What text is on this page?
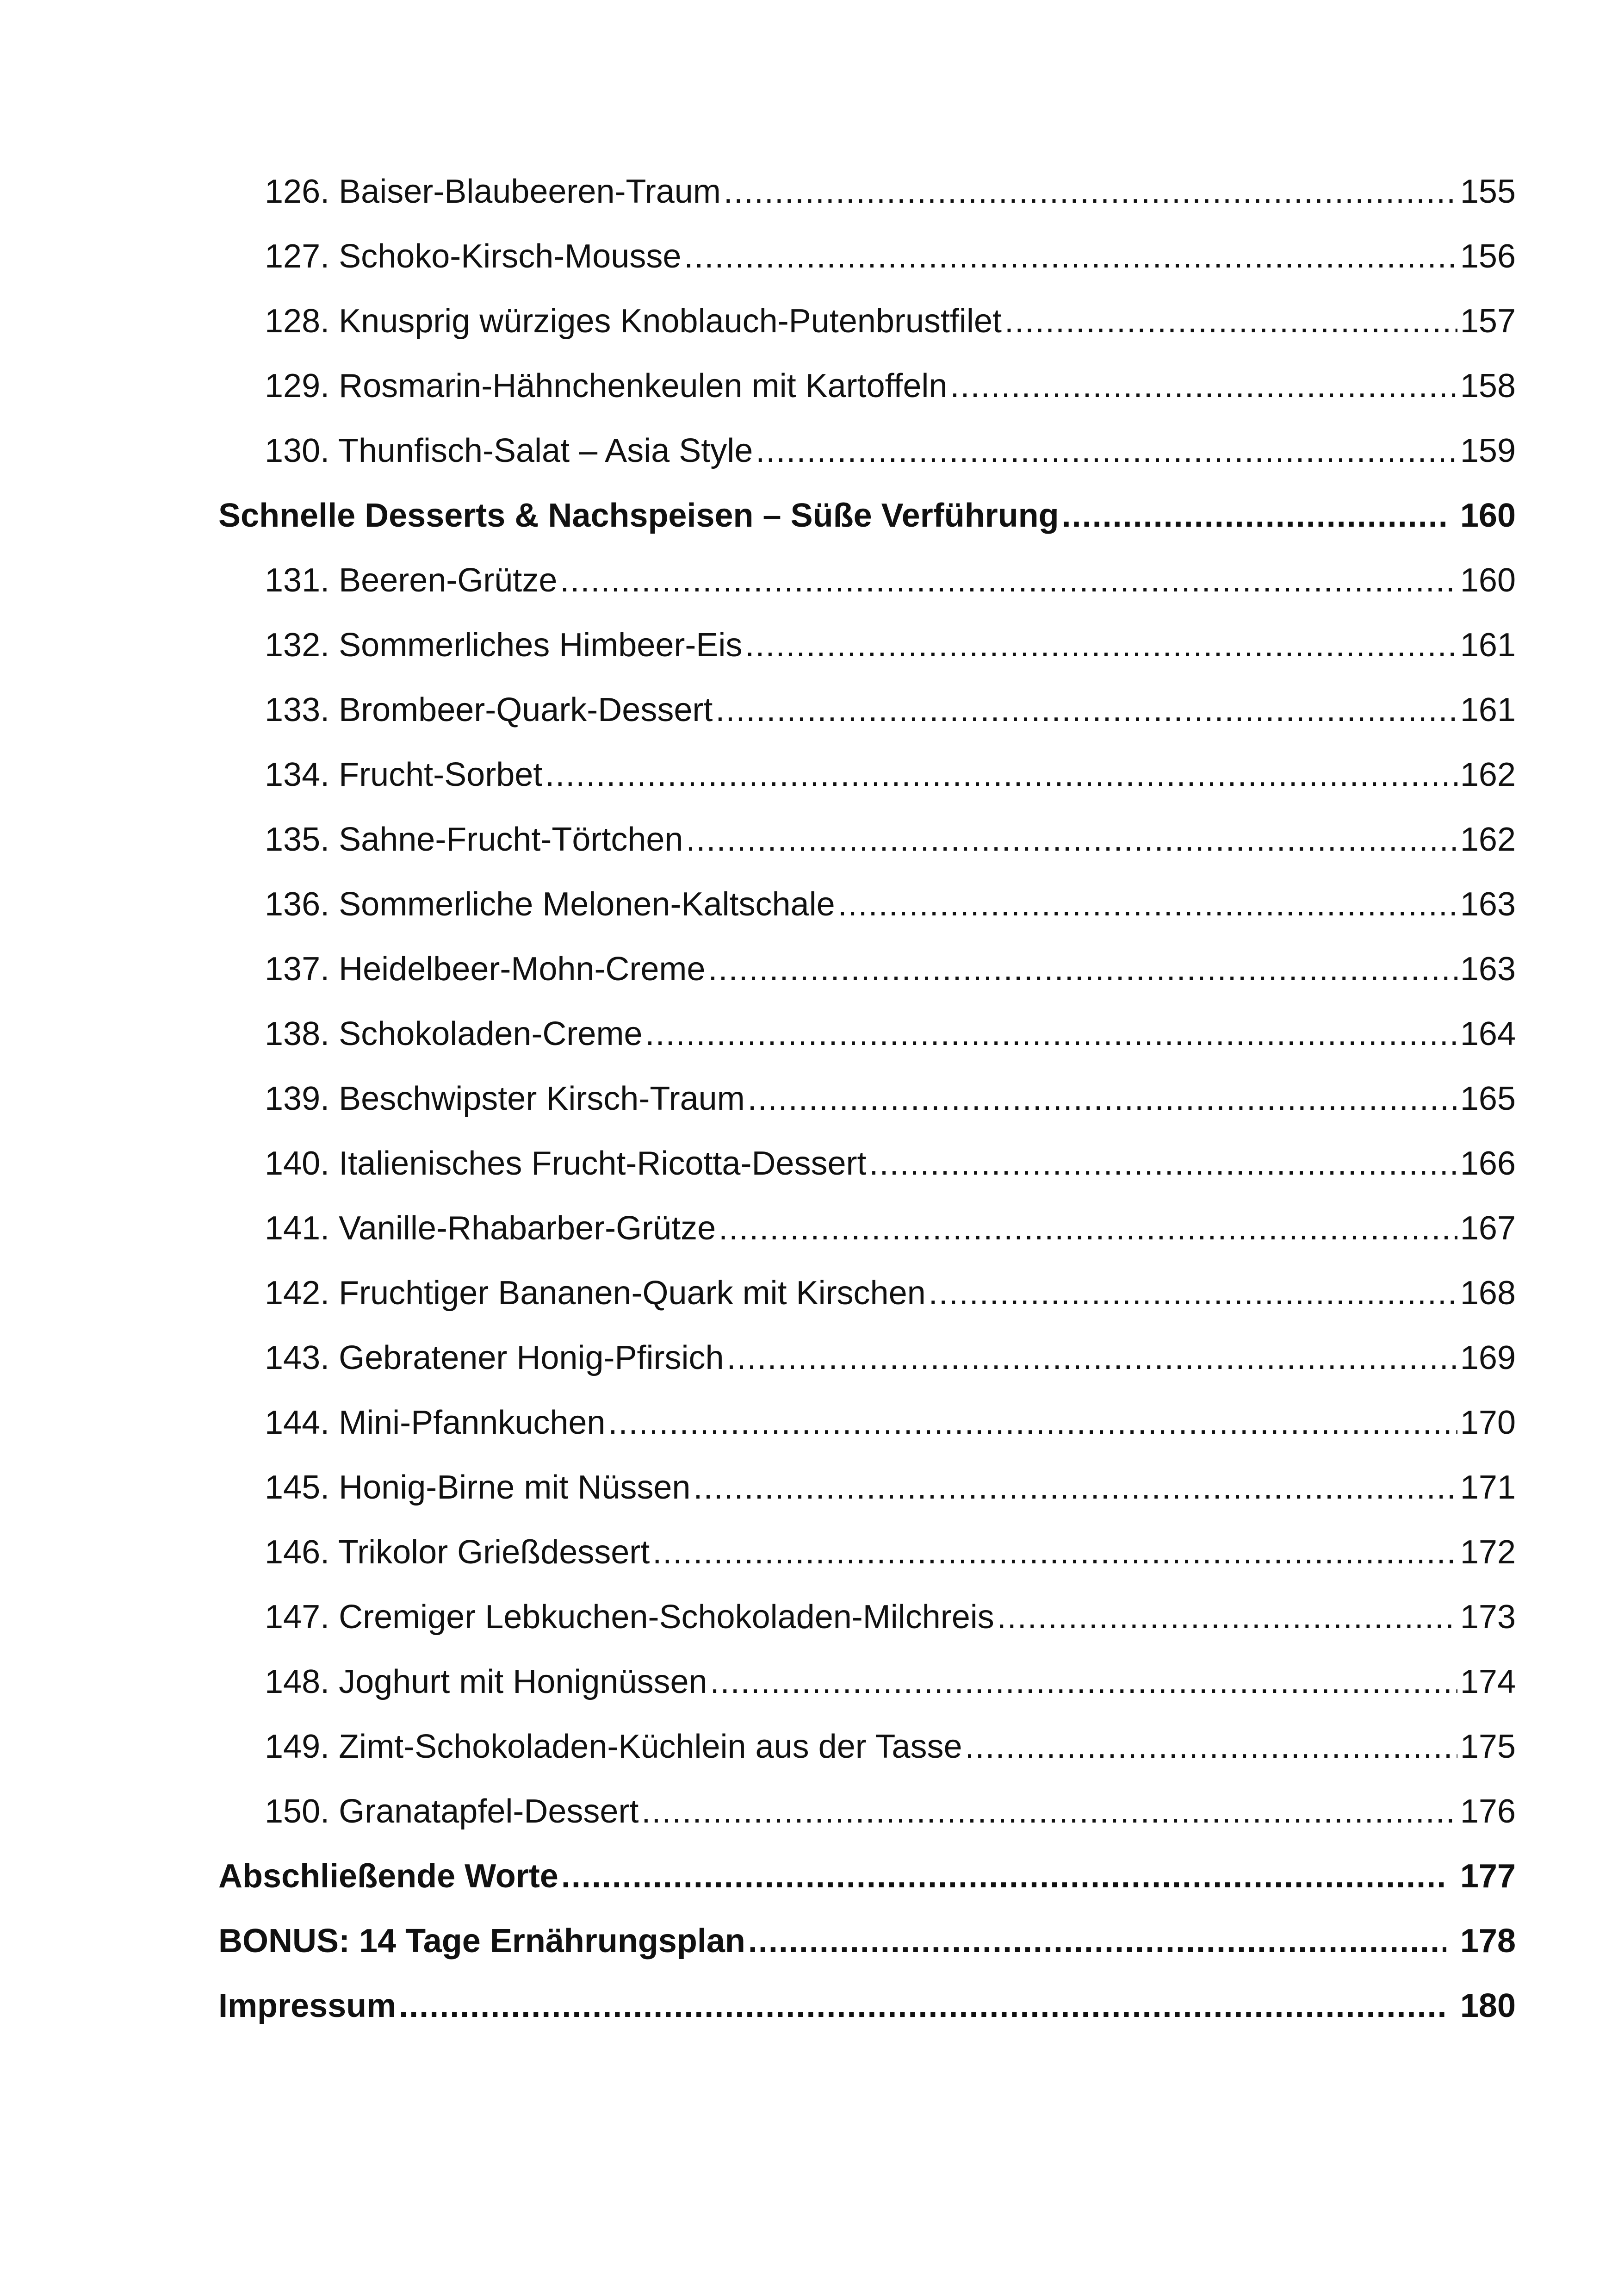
126. Baiser-Blaubeeren-Traum .....	155
127. Schoko-Kirsch-Mousse .....	156
128. Knusprig würziges Knoblauch-Putenbrustfilet .....	157
129. Rosmarin-Hähnchenkeulen mit Kartoffeln .....	158
130. Thunfisch-Salat – Asia Style .....	159
Schnelle Desserts & Nachspeisen – Süße Verführung .....	160
131. Beeren-Grütze .....	160
132. Sommerliches Himbeer-Eis .....	161
133. Brombeer-Quark-Dessert .....	161
134. Frucht-Sorbet .....	162
135. Sahne-Frucht-Törtchen .....	162
136. Sommerliche Melonen-Kaltschale .....	163
137. Heidelbeer-Mohn-Creme .....	163
138. Schokoladen-Creme .....	164
139. Beschwipster Kirsch-Traum .....	165
140. Italienisches Frucht-Ricotta-Dessert .....	166
141. Vanille-Rhabarber-Grütze .....	167
142. Fruchtiger Bananen-Quark mit Kirschen .....	168
143. Gebratener Honig-Pfirsich .....	169
144. Mini-Pfannkuchen .....	170
145. Honig-Birne mit Nüssen .....	171
146. Trikolor Grießdessert .....	172
147. Cremiger Lebkuchen-Schokoladen-Milchreis .....	173
148. Joghurt mit Honignüssen .....	174
149. Zimt-Schokoladen-Küchlein aus der Tasse .....	175
150. Granatapfel-Dessert .....	176
Abschließende Worte .....	177
BONUS: 14 Tage Ernährungsplan .....	178
Impressum .....	180
